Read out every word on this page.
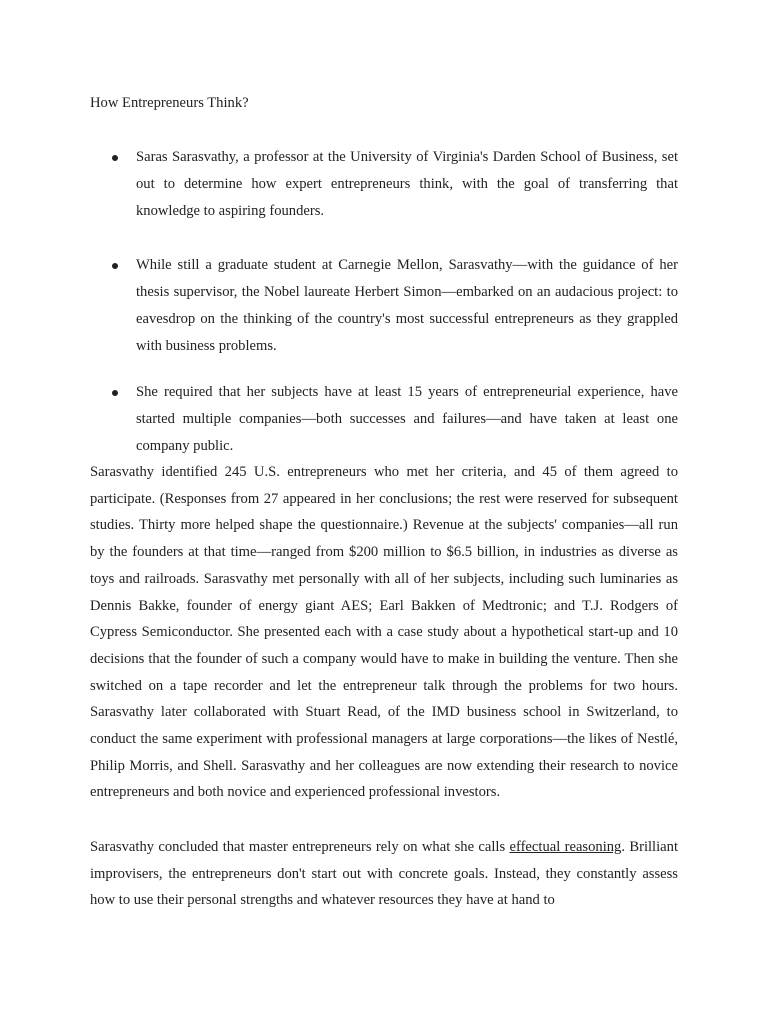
How Entrepreneurs Think?
Saras Sarasvathy, a professor at the University of Virginia's Darden School of Business, set out to determine how expert entrepreneurs think, with the goal of transferring that knowledge to aspiring founders.
While still a graduate student at Carnegie Mellon, Sarasvathy—with the guidance of her thesis supervisor, the Nobel laureate Herbert Simon—embarked on an audacious project: to eavesdrop on the thinking of the country's most successful entrepreneurs as they grappled with business problems.
She required that her subjects have at least 15 years of entrepreneurial experience, have started multiple companies—both successes and failures—and have taken at least one company public.

Sarasvathy identified 245 U.S. entrepreneurs who met her criteria, and 45 of them agreed to participate. (Responses from 27 appeared in her conclusions; the rest were reserved for subsequent studies. Thirty more helped shape the questionnaire.) Revenue at the subjects' companies—all run by the founders at that time—ranged from $200 million to $6.5 billion, in industries as diverse as toys and railroads. Sarasvathy met personally with all of her subjects, including such luminaries as Dennis Bakke, founder of energy giant AES; Earl Bakken of Medtronic; and T.J. Rodgers of Cypress Semiconductor. She presented each with a case study about a hypothetical start-up and 10 decisions that the founder of such a company would have to make in building the venture. Then she switched on a tape recorder and let the entrepreneur talk through the problems for two hours. Sarasvathy later collaborated with Stuart Read, of the IMD business school in Switzerland, to conduct the same experiment with professional managers at large corporations—the likes of Nestlé, Philip Morris, and Shell. Sarasvathy and her colleagues are now extending their research to novice entrepreneurs and both novice and experienced professional investors.

Sarasvathy concluded that master entrepreneurs rely on what she calls effectual reasoning. Brilliant improvisers, the entrepreneurs don't start out with concrete goals. Instead, they constantly assess how to use their personal strengths and whatever resources they have at hand to
